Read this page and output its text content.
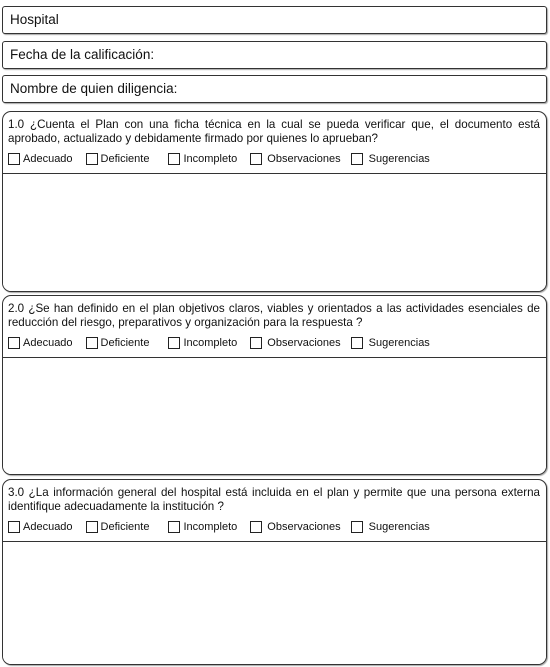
Hospital
Fecha de la calificación:
Nombre de quien diligencia:

1.0 ¿Cuenta el Plan con una ficha técnica en la cual se pueda verificar que, el documento está aprobado, actualizado y debidamente firmado por quienes lo aprueban?

Adecuado	Deficiente	Incompleto	Observaciones	Sugerencias

2.0 ¿Se han definido en el plan objetivos claros, viables y orientados a las actividades esenciales de reducción del riesgo, preparativos y organización para la respuesta ?

Adecuado	Deficiente	Incompleto	Observaciones	Sugerencias

3.0 ¿La información general del hospital está incluida en el plan y permite que una persona externa identifique adecuadamente la institución ?

Adecuado	Deficiente	Incompleto	Observaciones	Sugerencias
